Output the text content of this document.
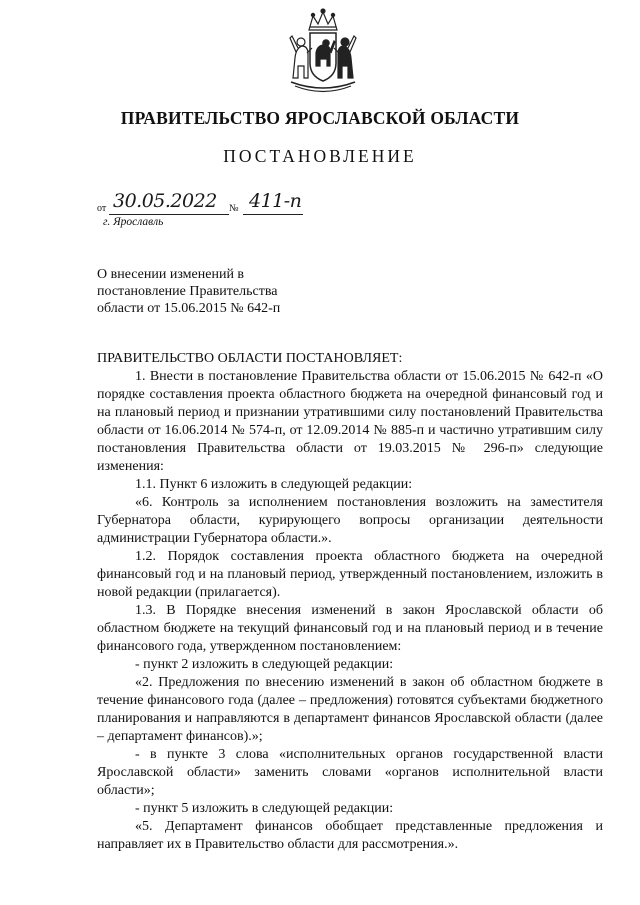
ПРАВИТЕЛЬСТВО ЯРОСЛАВСКОЙ ОБЛАСТИ
ПОСТАНОВЛЕНИЕ
от 30.05.2022 № 411-п
г. Ярославль
О внесении изменений в
постановление Правительства
области от 15.06.2015 № 642-п

ПРАВИТЕЛЬСТВО ОБЛАСТИ ПОСТАНОВЛЯЕТ:

1. Внести в постановление Правительства области от 15.06.2015 № 642-п «О порядке составления проекта областного бюджета на очередной финансовый год и на плановый период и признании утратившими силу постановлений Правительства области от 16.06.2014 № 574-п, от 12.09.2014 № 885-п и частично утратившим силу постановления Правительства области от 19.03.2015 № 296-п» следующие изменения:

1.1. Пункт 6 изложить в следующей редакции:

«6. Контроль за исполнением постановления возложить на заместителя Губернатора области, курирующего вопросы организации деятельности администрации Губернатора области.».

1.2. Порядок составления проекта областного бюджета на очередной финансовый год и на плановый период, утвержденный постановлением, изложить в новой редакции (прилагается).

1.3. В Порядке внесения изменений в закон Ярославской области об областном бюджете на текущий финансовый год и на плановый период и в течение финансового года, утвержденном постановлением:

- пункт 2 изложить в следующей редакции:

«2. Предложения по внесению изменений в закон об областном бюджете в течение финансового года (далее – предложения) готовятся субъектами бюджетного планирования и направляются в департамент финансов Ярославской области (далее – департамент финансов).»;

- в пункте 3 слова «исполнительных органов государственной власти Ярославской области» заменить словами «органов исполнительной власти области»;

- пункт 5 изложить в следующей редакции:

«5. Департамент финансов обобщает представленные предложения и направляет их в Правительство области для рассмотрения.».
